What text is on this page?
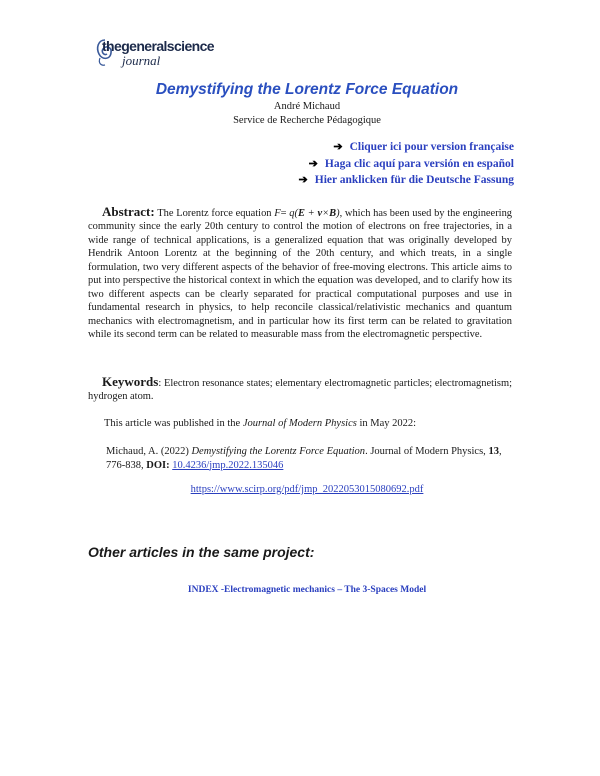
thegeneralscience
journal
Demystifying the Lorentz Force Equation
André Michaud
Service de Recherche Pédagogique
➔ Cliquer ici pour version française
➔ Haga clic aquí para versión en español
➔ Hier anklicken für die Deutsche Fassung

Abstract: The Lorentz force equation F= q(E + v×B), which has been used by the engineering community since the early 20th century to control the motion of electrons on free trajectories, in a wide range of technical applications, is a generalized equation that was originally developed by Hendrik Antoon Lorentz at the beginning of the 20th century, and which treats, in a single formulation, two very different aspects of the behavior of free-moving electrons. This article aims to put into perspective the historical context in which the equation was developed, and to clarify how its two different aspects can be clearly separated for practical computational purposes and use in fundamental research in physics, to help reconcile classical/relativistic mechanics and quantum mechanics with electromagnetism, and in particular how its first term can be related to gravitation while its second term can be related to measurable mass from the electromagnetic perspective.

Keywords: Electron resonance states; elementary electromagnetic particles; electromagnetism; hydrogen atom.

This article was published in the Journal of Modern Physics in May 2022:

Michaud, A. (2022) Demystifying the Lorentz Force Equation. Journal of Modern Physics, 13, 776-838, DOI: 10.4236/jmp.2022.135046

https://www.scirp.org/pdf/jmp_2022053015080692.pdf
Other articles in the same project:
INDEX -Electromagnetic mechanics – The 3-Spaces Model
